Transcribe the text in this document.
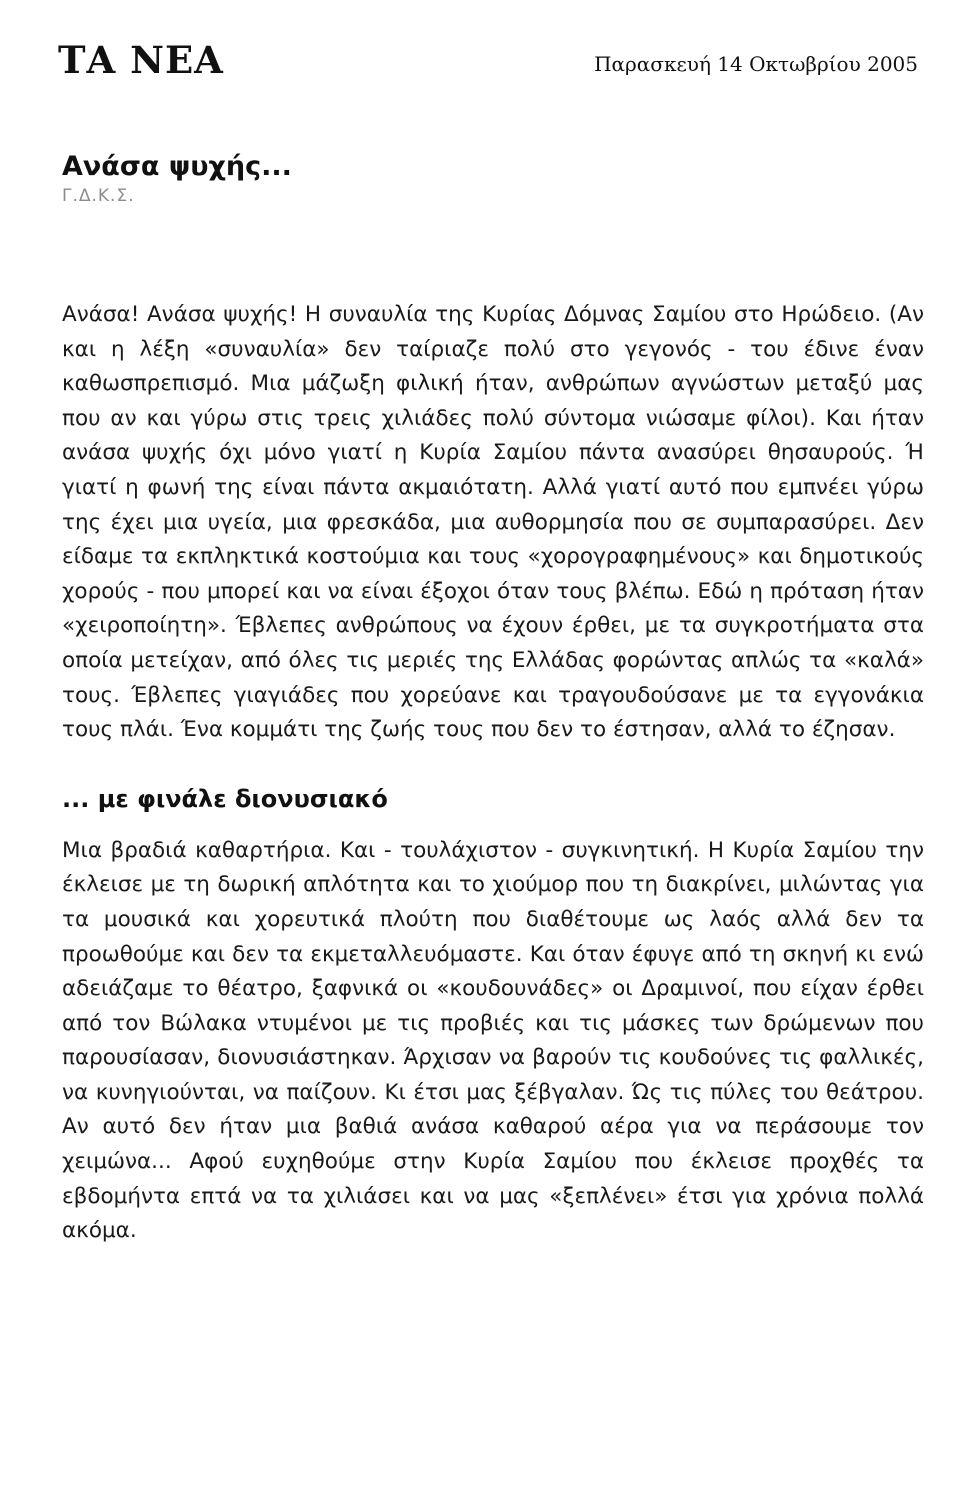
ΤΑ ΝΕΑ	Παρασκευή 14 Οκτωβρίου 2005
Ανάσα ψυχής...
Γ.Δ.Κ.Σ.

Ανάσα! Ανάσα ψυχής! Η συναυλία της Κυρίας Δόμνας Σαμίου στο Ηρώδειο. (Αν και η λέξη «συναυλία» δεν ταίριαζε πολύ στο γεγονός - του έδινε έναν καθωσπρεπισμό. Μια μάζωξη φιλική ήταν, ανθρώπων αγνώστων μεταξύ μας που αν και γύρω στις τρεις χιλιάδες πολύ σύντομα νιώσαμε φίλοι). Και ήταν ανάσα ψυχής όχι μόνο γιατί η Κυρία Σαμίου πάντα ανασύρει θησαυρούς. Ή γιατί η φωνή της είναι πάντα ακμαιότατη. Αλλά γιατί αυτό που εμπνέει γύρω της έχει μια υγεία, μια φρεσκάδα, μια αυθορμησία που σε συμπαρασύρει. Δεν είδαμε τα εκπληκτικά κοστούμια και τους «χορογραφημένους» και δημοτικούς χορούς - που μπορεί και να είναι έξοχοι όταν τους βλέπω. Εδώ η πρόταση ήταν «χειροποίητη». Έβλεπες ανθρώπους να έχουν έρθει, με τα συγκροτήματα στα οποία μετείχαν, από όλες τις μεριές της Ελλάδας φορώντας απλώς τα «καλά» τους. Έβλεπες γιαγιάδες που χορεύανε και τραγουδούσανε με τα εγγονάκια τους πλάι. Ένα κομμάτι της ζωής τους που δεν το έστησαν, αλλά το έζησαν.

... με φινάλε διονυσιακό

Μια βραδιά καθαρτήρια. Και - τουλάχιστον - συγκινητική. Η Κυρία Σαμίου την έκλεισε με τη δωρική απλότητα και το χιούμορ που τη διακρίνει, μιλώντας για τα μουσικά και χορευτικά πλούτη που διαθέτουμε ως λαός αλλά δεν τα προωθούμε και δεν τα εκμεταλλευόμαστε. Και όταν έφυγε από τη σκηνή κι ενώ αδειάζαμε το θέατρο, ξαφνικά οι «κουδουνάδες» οι Δραμινοί, που είχαν έρθει από τον Βώλακα ντυμένοι με τις προβιές και τις μάσκες των δρώμενων που παρουσίασαν, διονυσιάστηκαν. Άρχισαν να βαρούν τις κουδούνες τις φαλλικές, να κυνηγιούνται, να παίζουν. Κι έτσι μας ξέβγαλαν. Ώς τις πύλες του θεάτρου. Αν αυτό δεν ήταν μια βαθιά ανάσα καθαρού αέρα για να περάσουμε τον χειμώνα... Αφού ευχηθούμε στην Κυρία Σαμίου που έκλεισε προχθές τα εβδομήντα επτά να τα χιλιάσει και να μας «ξεπλένει» έτσι για χρόνια πολλά ακόμα.
